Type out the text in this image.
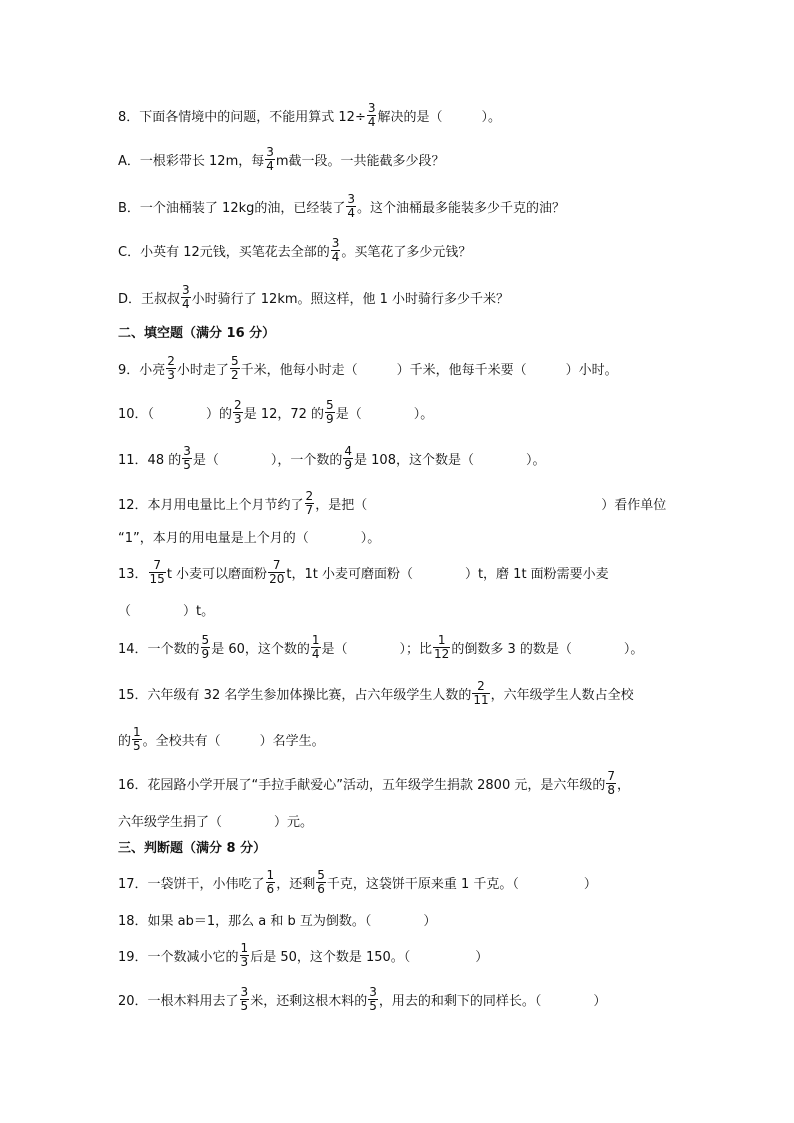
8．下面各情境中的问题，不能用算式 $12\div \frac{3}{4}$ 解决的是（　　　）。
A．一根彩带长 12m，每
3
4 m截一段。一共能截多少段？
B．一个油桶装了 12kg的油，已经装了
3
4 。这个油桶最多能装多少千克的油？
C．小英有 12元钱，买笔花去全部的
3
4 。买笔花了多少元钱？
D．王叔叔
3
4 小时骑行了 12km。照这样，他 1 小时骑行多少千米？
二、填空题（满分 16 分）
9．小亮
2
3 小时走了
5
2 千米，他每小时走（　　　）千米，他每千米要（　　　）小时。
10．（　　　　）的
2
3 是 12，72 的
5
9 是（　　　　）。
11．48 的
3
5 是（　　　　），一个数的
4
9 是 108，这个数是（　　　　）。
12．本月用电量比上个月节约了
2
7 ，是把（　　　　　　　　　　　　　　　　　　）看作单位
“1”，本月的用电量是上个月的（　　　　）。
13．
7
15 t 小麦可以磨面粉
7
20 t，1t 小麦可磨面粉（　　　　）t，磨 1t 面粉需要小麦
（　　　　）t。
14．一个数的
5
9 是 60，这个数的
1
4 是（　　　　）；比
1
12 的倒数多 3 的数是（　　　　）。
15．六年级有 32 名学生参加体操比赛，占六年级学生人数的
2
11 ，六年级学生人数占全校
的
1
5 。全校共有（　　　）名学生。
16．花园路小学开展了“手拉手献爱心”活动，五年级学生捐款 2800 元，是六年级的
7
8 ，
六年级学生捐了（　　　　）元。
三、判断题（满分 8 分）
17．一袋饼干，小伟吃了
1
6 ，还剩
5
6 千克，这袋饼干原来重 1 千克。（　　　　　）
18．如果 ab＝1，那么 a 和 b 互为倒数。（　　　　）
19．一个数减小它的
1
3 后是 50，这个数是 150。（　　　　　）
20．一根木料用去了
3
5 米，还剩这根木料的
3
5 ，用去的和剩下的同样长。（　　　　）
